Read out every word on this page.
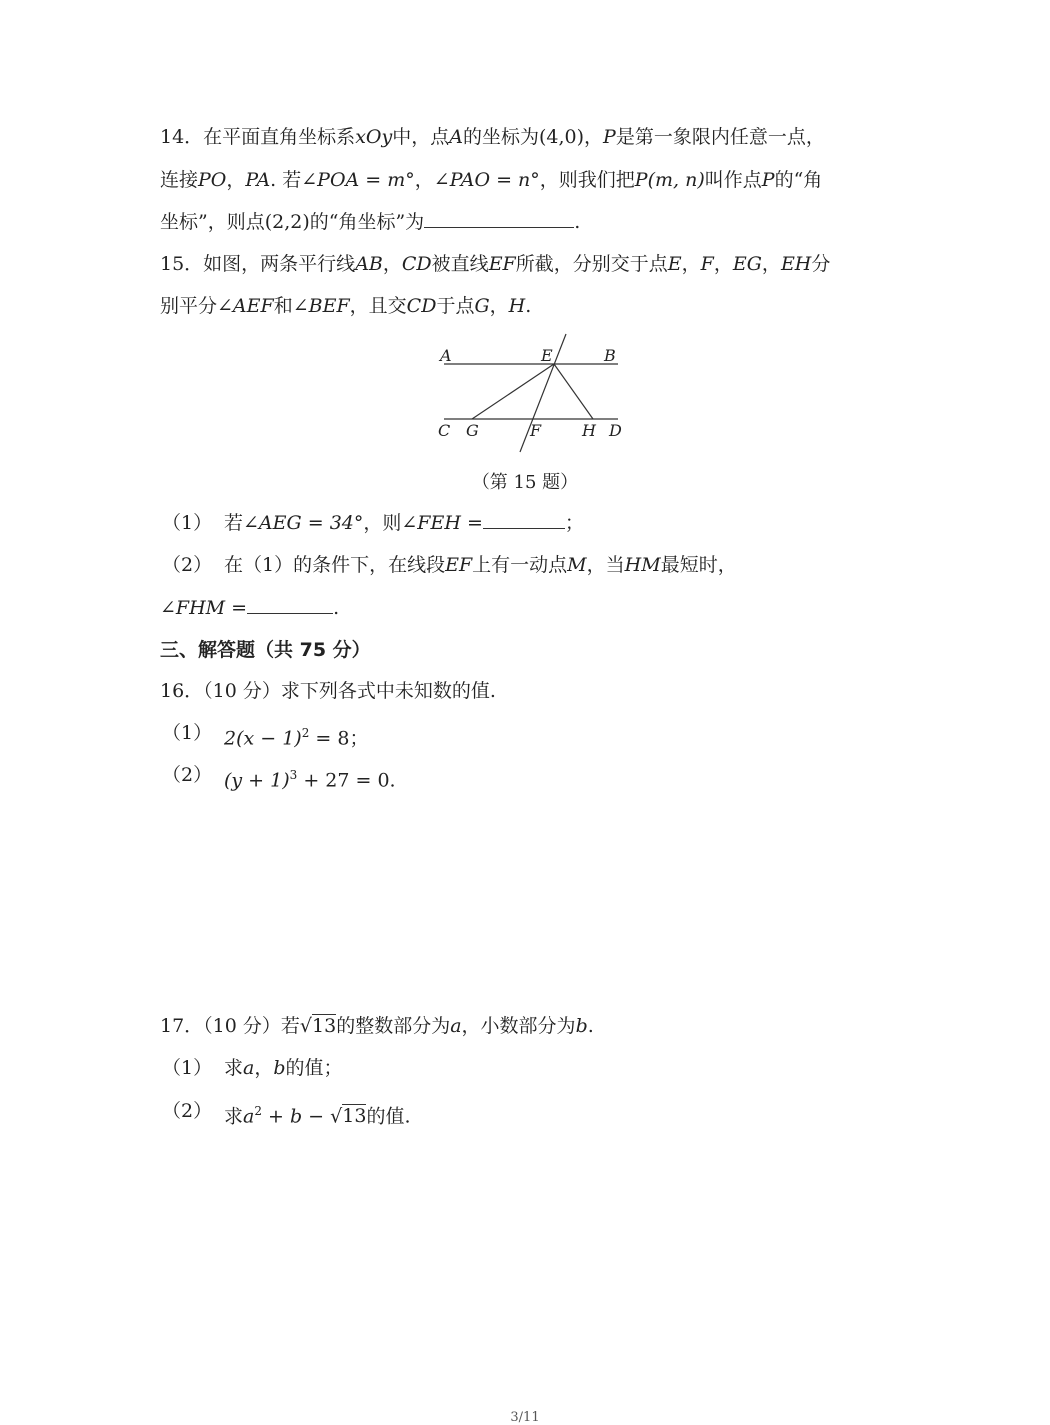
14．在平面直角坐标系xOy中，点A的坐标为(4,0)，P是第一象限内任意一点，
连接PO，PA. 若∠POA = m°，∠PAO = n°，则我们把P(m, n)叫作点P的“角
坐标”，则点(2,2)的“角坐标”为	.
15．如图，两条平行线AB，CD被直线EF所截，分别交于点E，F，EG，EH分
别平分∠AEF和∠BEF，且交CD于点G，H.
A	E	B
C G	F	H D
（第 15 题）
（1） 若∠AEG = 34°，则∠FEH =	；
（2） 在（1）的条件下，在线段EF上有一动点M，当HM最短时，
∠FHM =	.
三、解答题（共 75 分）
16．（10 分）求下列各式中未知数的值.
（1） $2(x - 1)^2 = 8$；
（2） $(y + 1)^3 + 27 = 0$.
17．（10 分）若√13的整数部分为a，小数部分为b.
（1） 求a，b的值；
（2） 求$a^2 + b - √13$的值.
3/11
